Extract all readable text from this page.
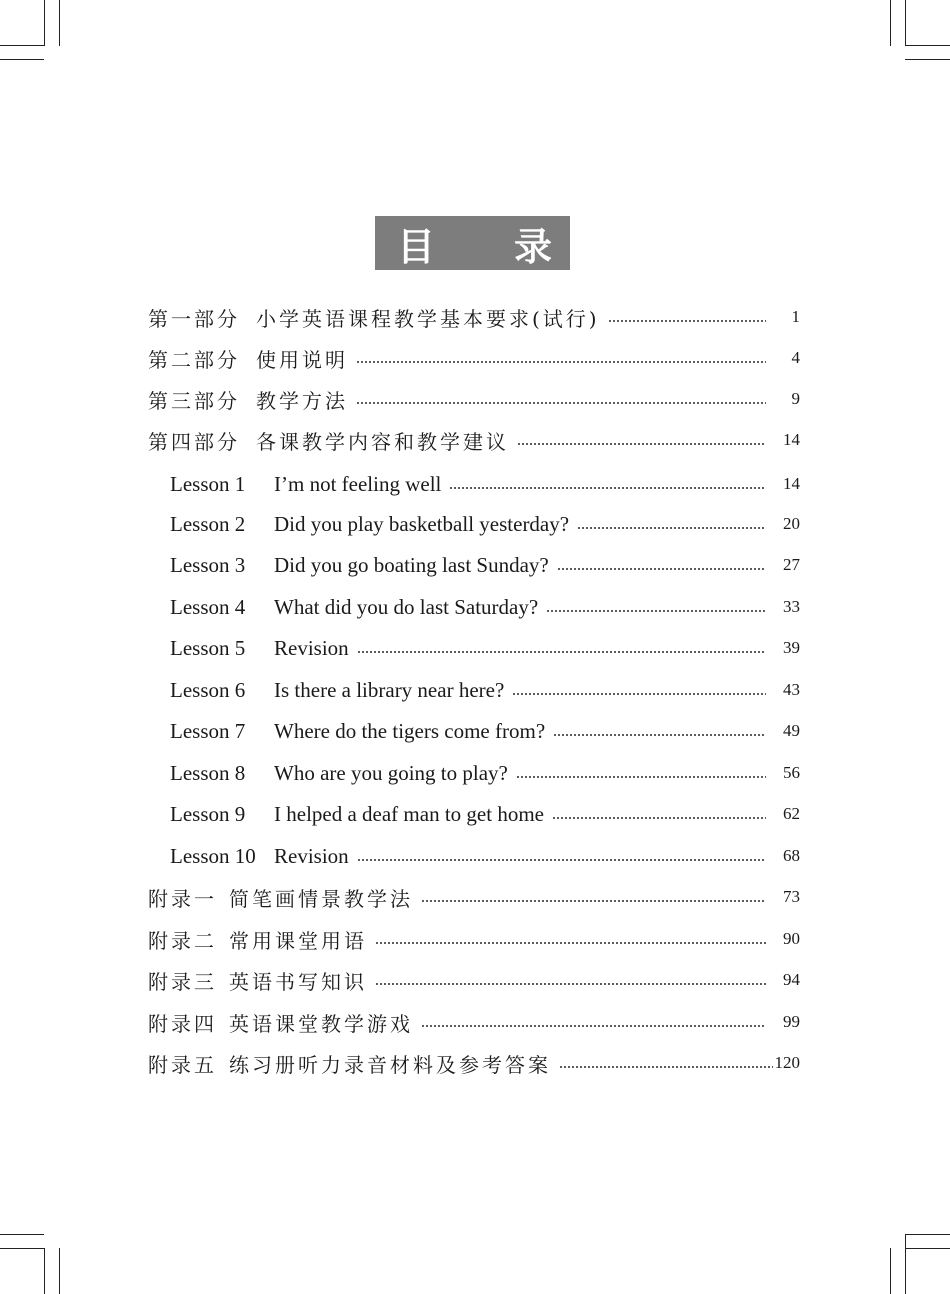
目 录
第一部分 小学英语课程教学基本要求(试行)	1
第二部分 使用说明	4
第三部分 教学方法	9
第四部分 各课教学内容和教学建议	14
Lesson 1	I’m not feeling well	14
Lesson 2	Did you play basketball yesterday?	20
Lesson 3	Did you go boating last Sunday?	27
Lesson 4	What did you do last Saturday?	33
Lesson 5	Revision	39
Lesson 6	Is there a library near here?	43
Lesson 7	Where do the tigers come from?	49
Lesson 8	Who are you going to play?	56
Lesson 9	I helped a deaf man to get home	62
Lesson 10 Revision	68
附录一 简笔画情景教学法	73
附录二 常用课堂用语	90
附录三 英语书写知识	94
附录四 英语课堂教学游戏	99
附录五 练习册听力录音材料及参考答案	120
